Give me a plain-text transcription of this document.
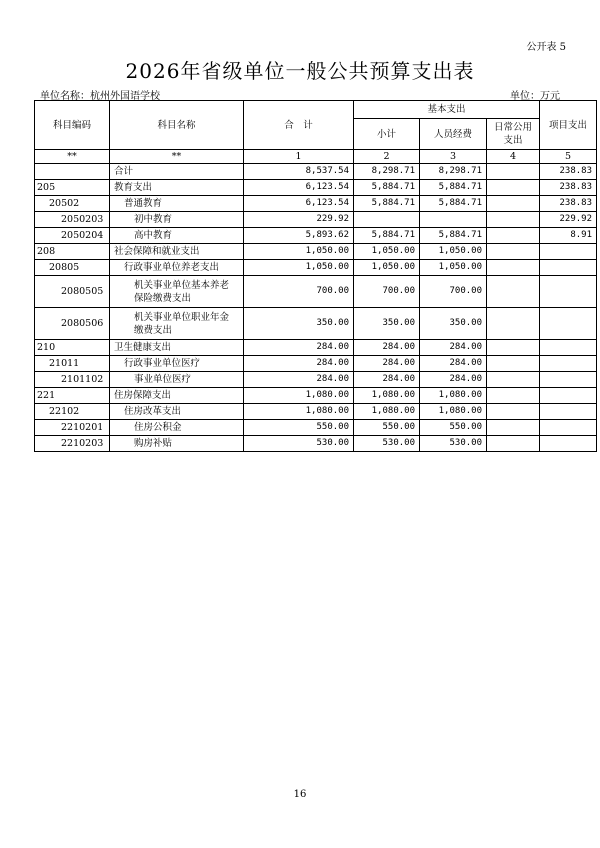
公开表 5
2026年省级单位一般公共预算支出表
单位名称：杭州外国语学校	单位：万元
科目编码	科目名称	合　计	基本支出			项目支出
			小计	人员经费	日常公用
支出	
**	**	1	2	3	4	5
	合计	8,537.54	8,298.71	8,298.71		238.83
205	教育支出	6,123.54	5,884.71	5,884.71		238.83
20502	普通教育	6,123.54	5,884.71	5,884.71		238.83
2050203	初中教育	229.92				229.92
2050204	高中教育	5,893.62	5,884.71	5,884.71		8.91
208	社会保障和就业支出	1,050.00	1,050.00	1,050.00		
20805	行政事业单位养老支出	1,050.00	1,050.00	1,050.00		
2080505	机关事业单位基本养老
保险缴费支出	700.00	700.00	700.00		
2080506	机关事业单位职业年金
缴费支出	350.00	350.00	350.00		
210	卫生健康支出	284.00	284.00	284.00		
21011	行政事业单位医疗	284.00	284.00	284.00		
2101102	事业单位医疗	284.00	284.00	284.00		
221	住房保障支出	1,080.00	1,080.00	1,080.00		
22102	住房改革支出	1,080.00	1,080.00	1,080.00		
2210201	住房公积金	550.00	550.00	550.00		
2210203	购房补贴	530.00	530.00	530.00		
16
